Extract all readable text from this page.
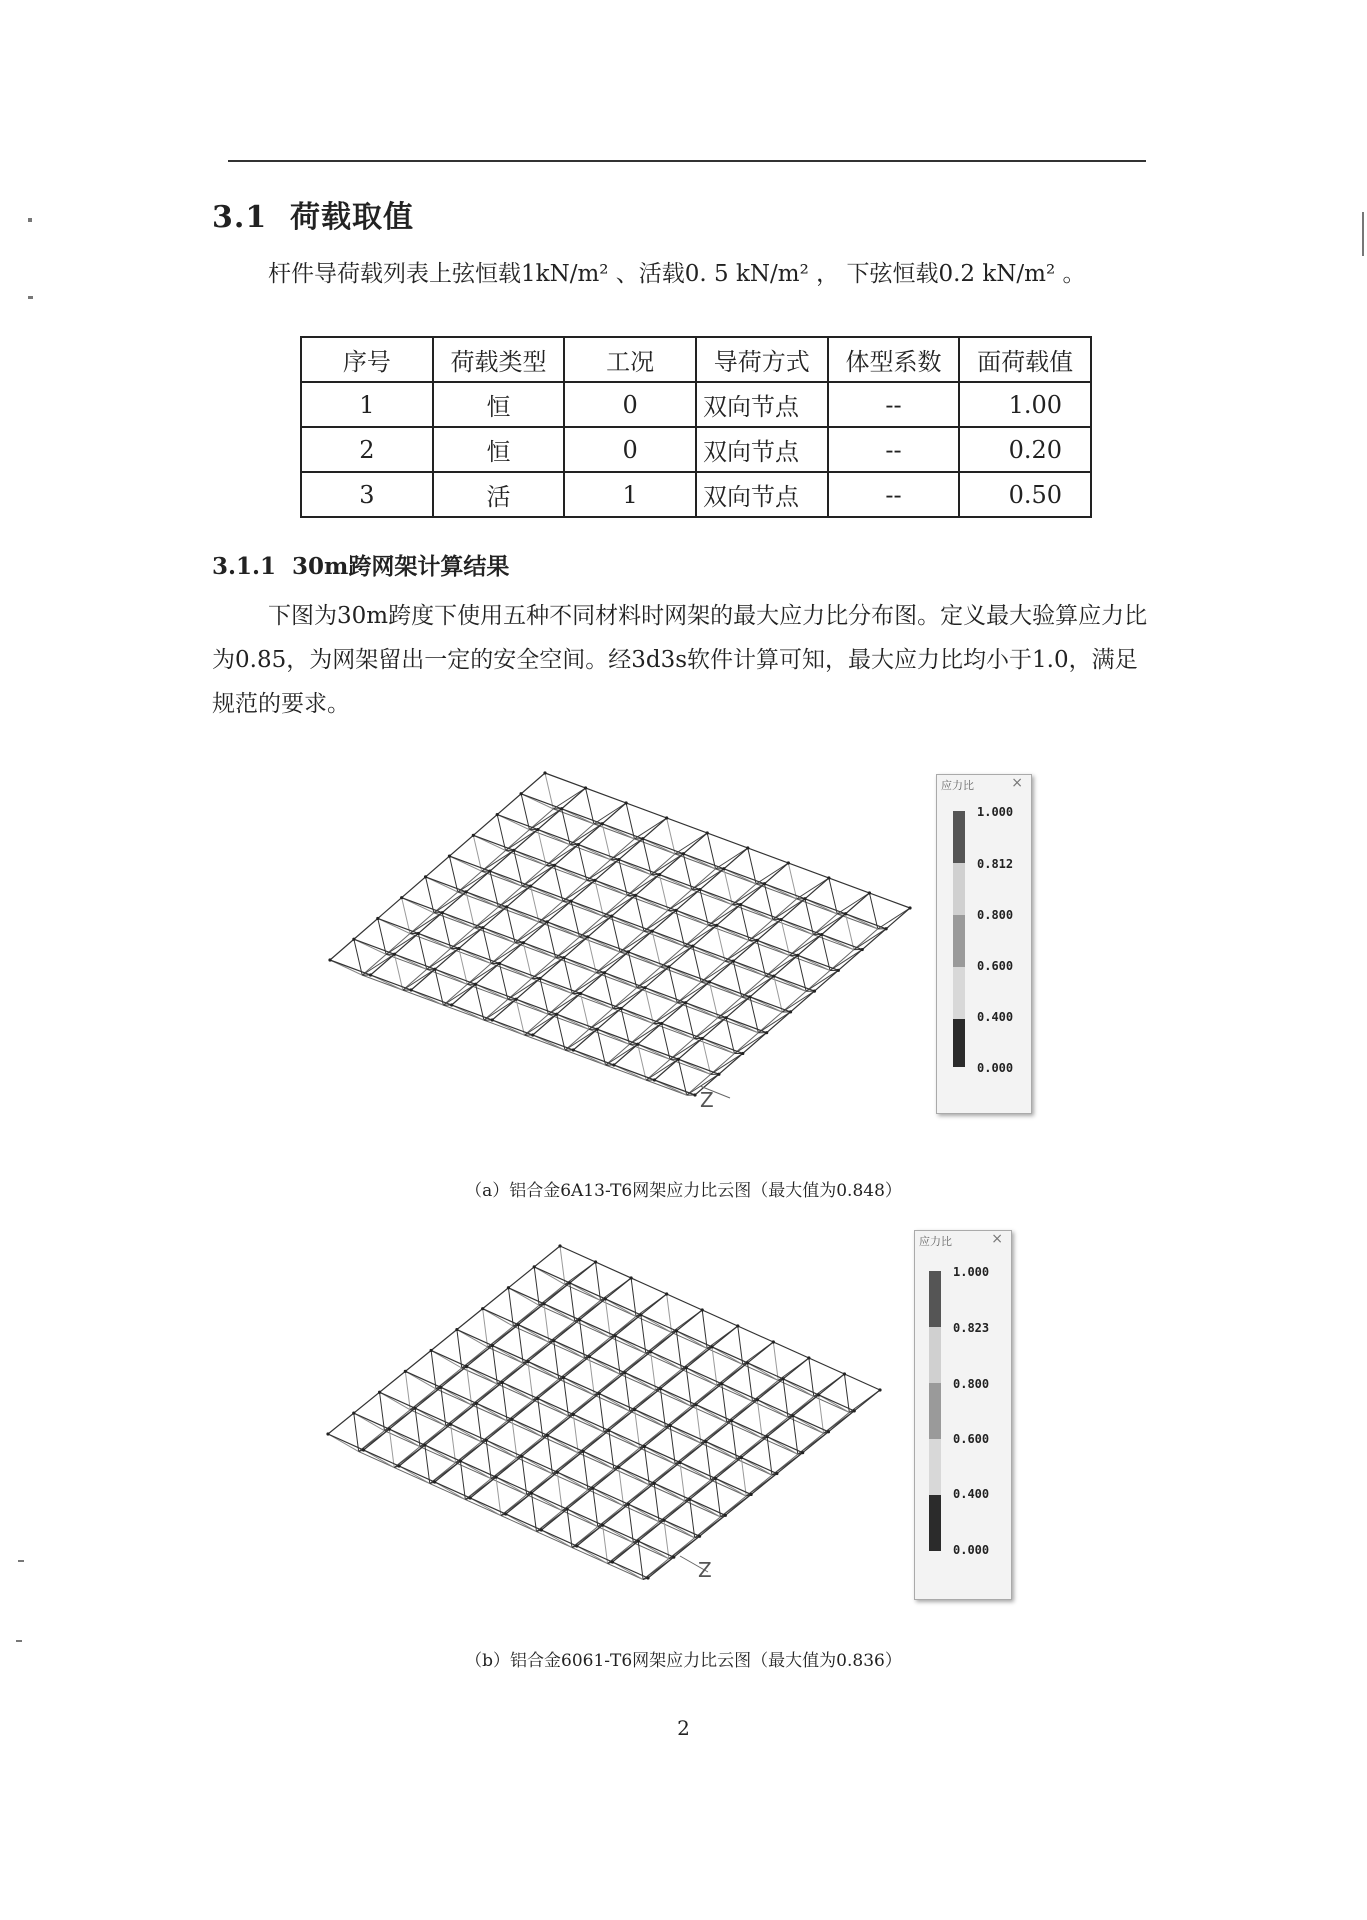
3.1 荷载取值
杆件导荷载列表上弦恒载1kN/m² 、活载0. 5 kN/m² ， 下弦恒载0.2 kN/m² 。
序号	荷载类型	工况	导荷方式	体型系数	面荷载值
1	恒	0	双向节点	--	1.00
2	恒	0	双向节点	--	0.20
3	活	1	双向节点	--	0.50
3.1.1 30m跨网架计算结果
下图为30m跨度下使用五种不同材料时网架的最大应力比分布图。定义最大验算应力比为0.85，为网架留出一定的安全空间。经3d3s软件计算可知，最大应力比均小于1.0，满足规范的要求。
Z
应力比	×
1.000
0.812
0.800
0.600
0.400
0.000
（a）铝合金6A13-T6网架应力比云图（最大值为0.848）
Z
应力比	×
1.000
0.823
0.800
0.600
0.400
0.000
（b）铝合金6061-T6网架应力比云图（最大值为0.836）
2
